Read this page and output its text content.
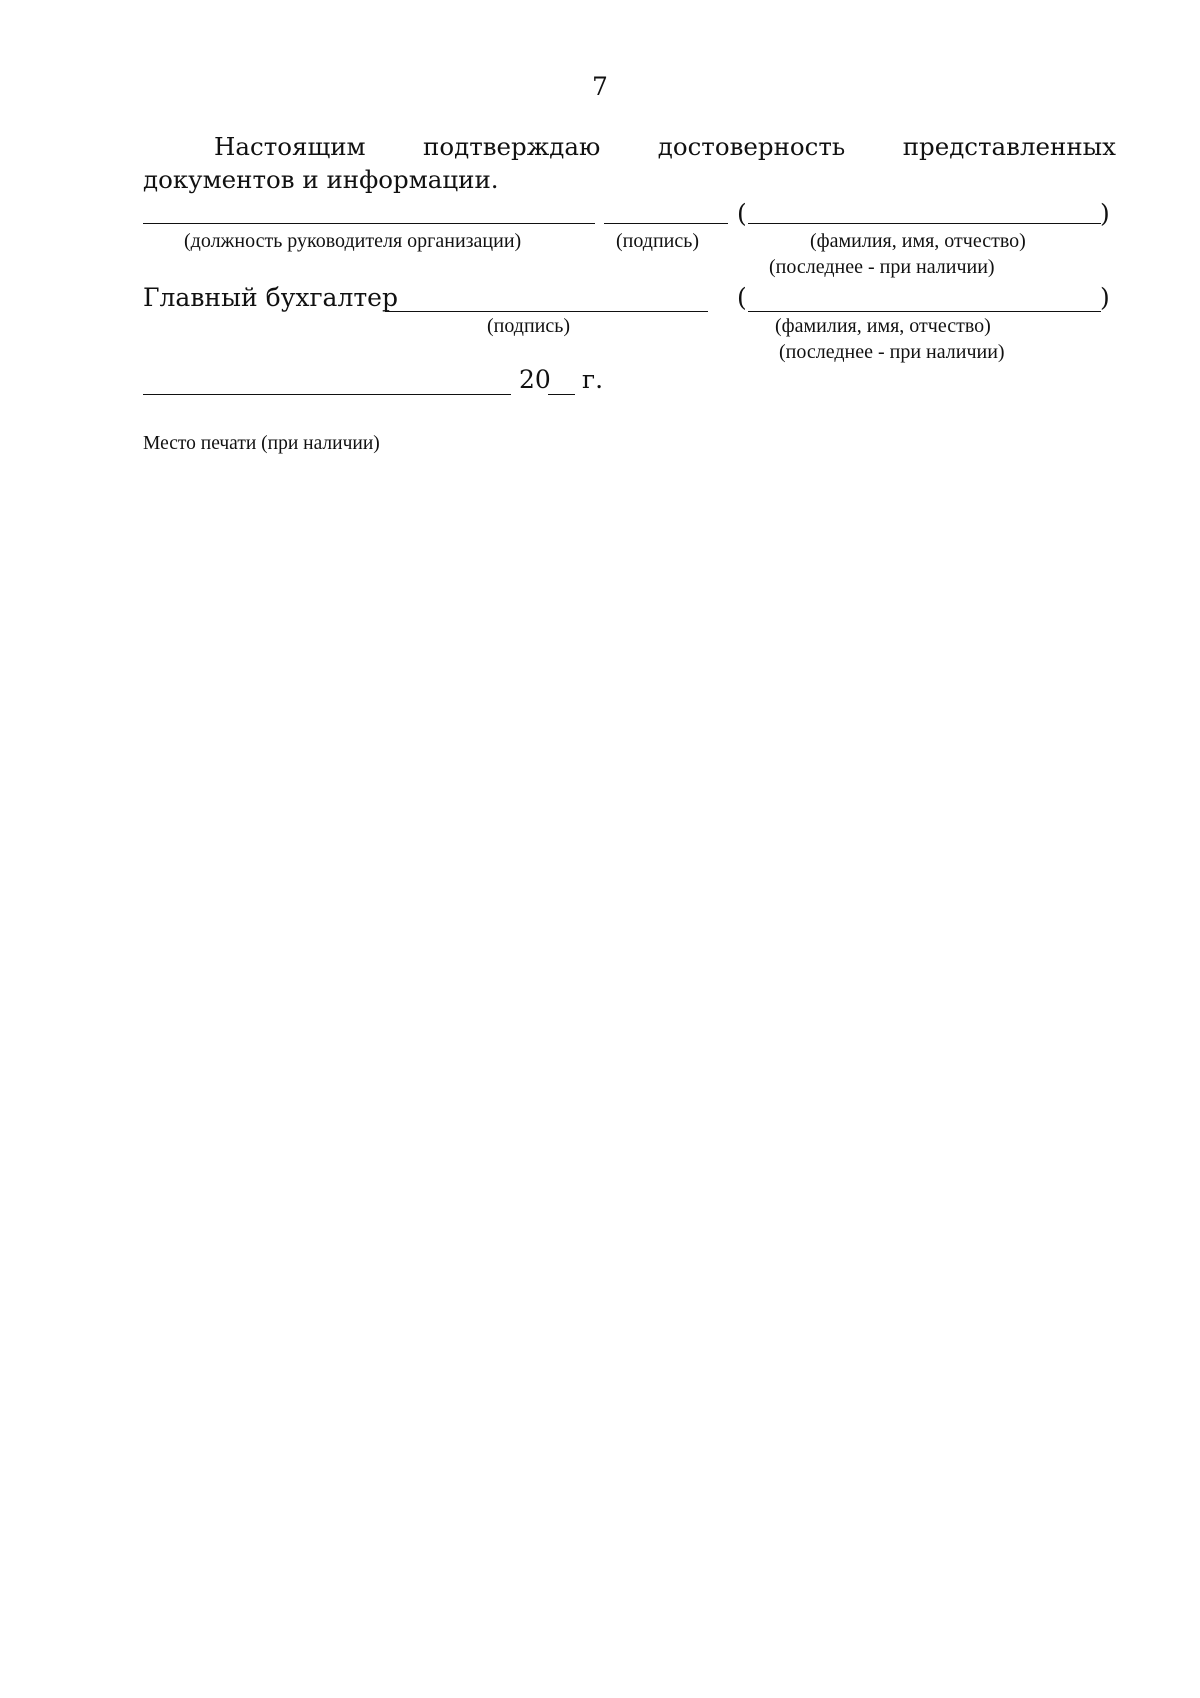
7

Настоящим подтверждаю достоверность представленных документов и информации.

(	)
(должность руководителя организации)	(подпись)	(фамилия, имя, отчество)
(последнее - при наличии)
Главный бухгалтер	(	)
(подпись)	(фамилия, имя, отчество)
(последнее - при наличии)
20 г.
Место печати (при наличии)
